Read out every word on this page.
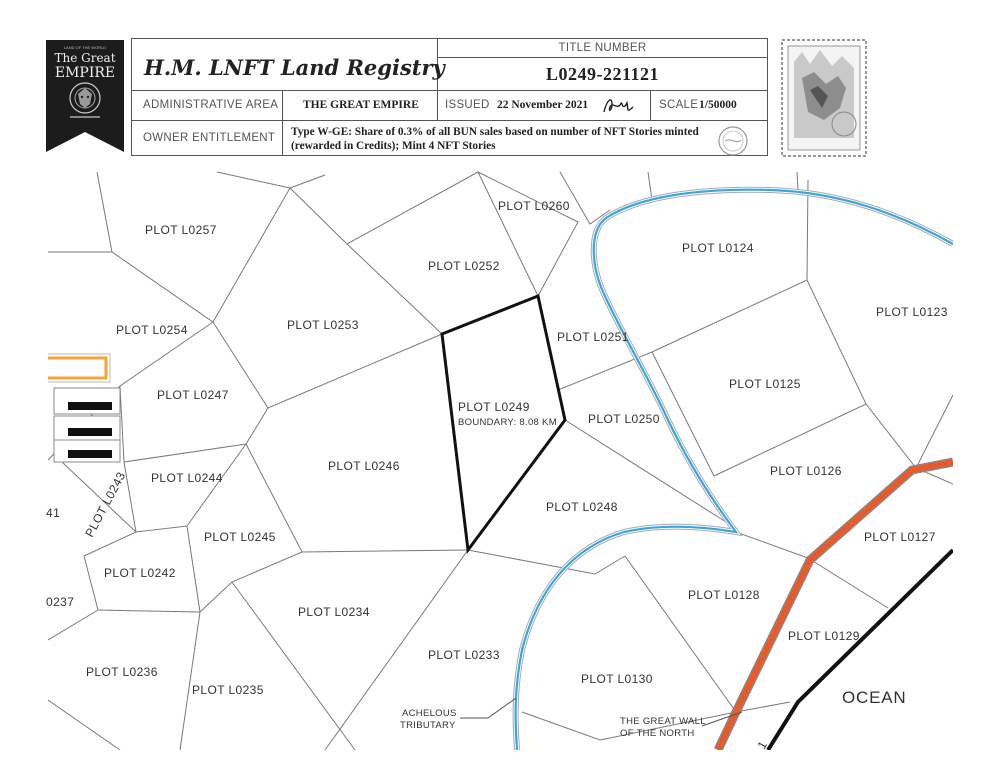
LAND OF THE WORLD
The Great
EMPIRE H.M. LNFT Land Registry
TITLE NUMBER
L0249-221121
ADMINISTRATIVE AREA THE GREAT EMPIRE ISSUED 22 November 2021	SCALE 1/50000
OWNER ENTITLEMENT Type W-GE: Share of 0.3% of all BUN sales based on number of NFT Stories minted (rewarded in Credits); Mint 4 NFT Stories
PLOT L0257
PLOT L0260
PLOT L0252
PLOT L0124
PLOT L0123
PLOT L0254	PLOT L0253
PLOT L0251
PLOT L0125
PLOT L0247
PLOT L0249
BOUNDARY: 8.08 KM	PLOT L0250
PLOT L0246	PLOT L0126
PLOT L0244
PLOT L0243	PLOT L0248
PLOT L0245	PLOT L0127
PLOT L0242
PLOT L0128
PLOT L0234
PLOT L0129
PLOT L0233
PLOT L0236
PLOT L0235
PLOT L0130
41
0237
1
OCEAN
ACHELOUS
TRIBUTARY	THE GREAT WALL
OF THE NORTH
